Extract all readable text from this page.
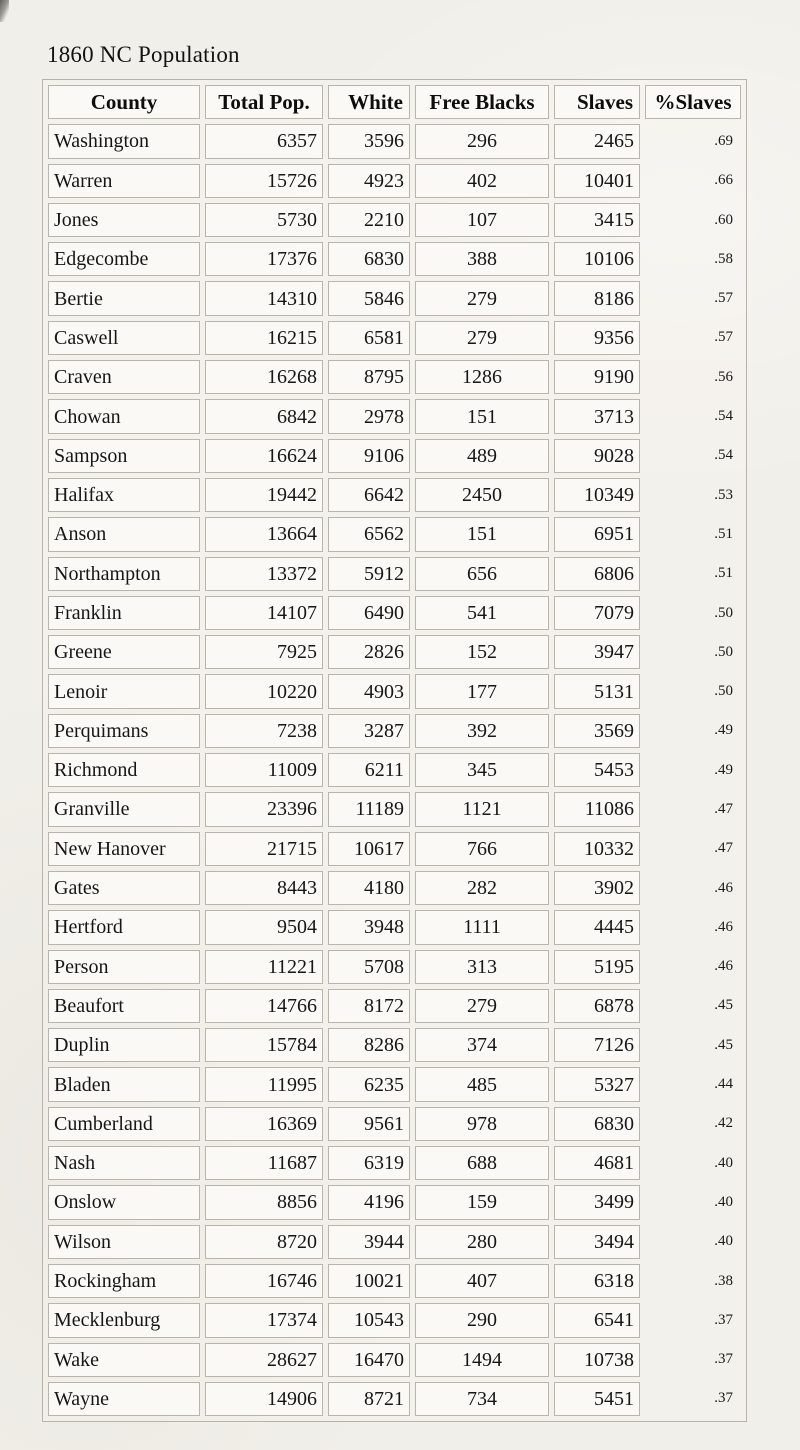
1860 NC Population
County	Total Pop.	White	Free Blacks	Slaves	%Slaves
Washington	6357	3596	296	2465	.69
Warren	15726	4923	402	10401	.66
Jones	5730	2210	107	3415	.60
Edgecombe	17376	6830	388	10106	.58
Bertie	14310	5846	279	8186	.57
Caswell	16215	6581	279	9356	.57
Craven	16268	8795	1286	9190	.56
Chowan	6842	2978	151	3713	.54
Sampson	16624	9106	489	9028	.54
Halifax	19442	6642	2450	10349	.53
Anson	13664	6562	151	6951	.51
Northampton	13372	5912	656	6806	.51
Franklin	14107	6490	541	7079	.50
Greene	7925	2826	152	3947	.50
Lenoir	10220	4903	177	5131	.50
Perquimans	7238	3287	392	3569	.49
Richmond	11009	6211	345	5453	.49
Granville	23396	11189	1121	11086	.47
New Hanover	21715	10617	766	10332	.47
Gates	8443	4180	282	3902	.46
Hertford	9504	3948	1111	4445	.46
Person	11221	5708	313	5195	.46
Beaufort	14766	8172	279	6878	.45
Duplin	15784	8286	374	7126	.45
Bladen	11995	6235	485	5327	.44
Cumberland	16369	9561	978	6830	.42
Nash	11687	6319	688	4681	.40
Onslow	8856	4196	159	3499	.40
Wilson	8720	3944	280	3494	.40
Rockingham	16746	10021	407	6318	.38
Mecklenburg	17374	10543	290	6541	.37
Wake	28627	16470	1494	10738	.37
Wayne	14906	8721	734	5451	.37
